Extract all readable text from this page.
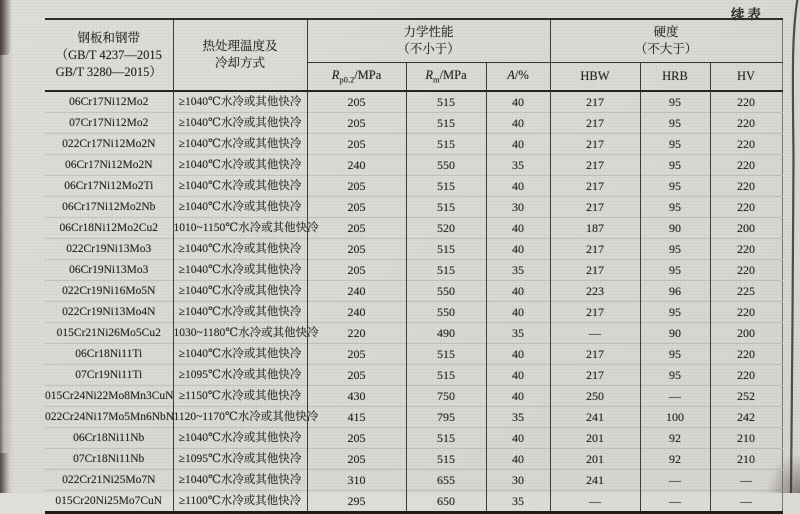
续表
钢板和钢带
（GB/T 4237—2015
GB/T 3280—2015）

热处理温度及
冷却方式

力学性能
（不小于）

硬度
（不大于）

		$R_{p0.2}$/MPa	$R_m$/MPa	A/%	HBW	HRB	HV
06Cr17Ni12Mo2	≥1040℃水冷或其他快冷	205	515	40	217	95	220
07Cr17Ni12Mo2	≥1040℃水冷或其他快冷	205	515	40	217	95	220
022Cr17Ni12Mo2N	≥1040℃水冷或其他快冷	205	515	40	217	95	220
06Cr17Ni12Mo2N	≥1040℃水冷或其他快冷	240	550	35	217	95	220
06Cr17Ni12Mo2Ti	≥1040℃水冷或其他快冷	205	515	40	217	95	220
06Cr17Ni12Mo2Nb	≥1040℃水冷或其他快冷	205	515	30	217	95	220
06Cr18Ni12Mo2Cu2	1010~1150℃水冷或其他快冷	205	520	40	187	90	200
022Cr19Ni13Mo3	≥1040℃水冷或其他快冷	205	515	40	217	95	220
06Cr19Ni13Mo3	≥1040℃水冷或其他快冷	205	515	35	217	95	220
022Cr19Ni16Mo5N	≥1040℃水冷或其他快冷	240	550	40	223	96	225
022Cr19Ni13Mo4N	≥1040℃水冷或其他快冷	240	550	40	217	95	220
015Cr21Ni26Mo5Cu2	1030~1180℃水冷或其他快冷	220	490	35	—	90	200
06Cr18Ni11Ti	≥1040℃水冷或其他快冷	205	515	40	217	95	220
07Cr19Ni11Ti	≥1095℃水冷或其他快冷	205	515	40	217	95	220
015Cr24Ni22Mo8Mn3CuN	≥1150℃水冷或其他快冷	430	750	40	250	—	252
022Cr24Ni17Mo5Mn6NbN	1120~1170℃水冷或其他快冷	415	795	35	241	100	242
06Cr18Ni11Nb	≥1040℃水冷或其他快冷	205	515	40	201	92	210
07Cr18Ni11Nb	≥1095℃水冷或其他快冷	205	515	40	201	92	210
022Cr21Ni25Mo7N	≥1040℃水冷或其他快冷	310	655	30	241	—	—
015Cr20Ni25Mo7CuN	≥1100℃水冷或其他快冷	295	650	35	—	—	—
